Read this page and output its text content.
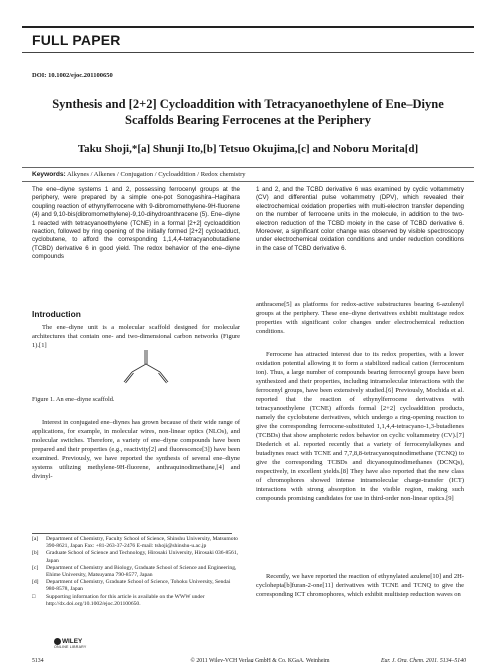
FULL PAPER
DOI: 10.1002/ejoc.201100650
Synthesis and [2+2] Cycloaddition with Tetracyanoethylene of Ene–Diyne
Scaffolds Bearing Ferrocenes at the Periphery
Taku Shoji,*[a] Shunji Ito,[b] Tetsuo Okujima,[c] and Noboru Morita[d]
Keywords: Alkynes / Alkenes / Conjugation / Cycloaddition / Redox chemistry
The ene–diyne systems 1 and 2, possessing ferrocenyl groups at the periphery, were prepared by a simple one-pot Sonogashira–Hagihara coupling reaction of ethynylferrocene with 9-dibromomethylene-9H-fluorene (4) and 9,10-bis(dibromomethylene)-9,10-dihydroanthracene (5). Ene–diyne 1 reacted with tetracyanoethylene (TCNE) in a formal [2+2] cycloaddition reaction, followed by ring opening of the initially formed [2+2] cycloadduct, cyclobutene, to afford the corresponding 1,1,4,4-tetracyanobutadiene (TCBD) derivative 6 in good yield. The redox behavior of the ene–diyne compounds
1 and 2, and the TCBD derivative 6 was examined by cyclic voltammetry (CV) and differential pulse voltammetry (DPV), which revealed their electrochemical oxidation properties with multi-electron transfer depending on the number of ferrocene units in the molecule, in addition to the two-electron reduction of the TCBD moiety in the case of TCBD derivative 6. Moreover, a significant color change was observed by visible spectroscopy under electrochemical oxidation conditions and under reduction conditions in the case of TCBD derivative 6.
Introduction
The ene–diyne unit is a molecular scaffold designed for molecular architectures that contain one- and two-dimensional carbon networks (Figure 1).[1]
Figure 1. An ene–diyne scaffold.
Interest in conjugated ene–diynes has grown because of their wide range of applications, for example, in molecular wires, non-linear optics (NLOs), and molecular switches. Therefore, a variety of ene–diyne compounds have been prepared and their properties (e.g., reactivity[2] and fluorescence[3]) have been examined. Previously, we have reported the synthesis of several ene–diyne systems utilizing methylene-9H-fluorene, anthraquinodimethane,[4] and divinyl-
anthracene[5] as platforms for redox-active substructures bearing 6-azulenyl groups at the periphery. These ene–diyne derivatives exhibit multistage redox properties with significant color changes under electrochemical reduction conditions.
Ferrocene has attracted interest due to its redox properties, with a lower oxidation potential allowing it to form a stabilized radical cation (ferrocenium ion). Thus, a large number of compounds bearing ferrocenyl groups have been synthesized and their properties, including intramolecular interactions with the ferrocenyl groups, have been extensively studied.[6] Previously, Mochida et al. reported that the reaction of ethynylferrocene derivatives with tetracyanoethylene (TCNE) affords formal [2+2] cycloaddition products, namely the cyclobutene derivatives, which undergo a ring-opening reaction to give the corresponding ferrocene-substituted 1,1,4,4-tetracyano-1,3-butadienes (TCBDs) that show amphoteric redox behavior on cyclic voltammetry (CV).[7] Diederich et al. reported recently that a variety of ferrocenylalkynes and butadiynes react with TCNE and 7,7,8,8-tetracyanoquinodimethane (TCNQ) to give the corresponding TCBDs and dicyanoquinodimethanes (DCNQs), respectively, in excellent yields.[8] They have also reported that the new class of chromophores showed intense intramolecular charge-transfer (ICT) interactions with strong absorption in the visible region, making such compounds promising candidates for use in third-order non-linear optics.[9]
Recently, we have reported the reaction of ethynylated azulene[10] and 2H-cyclohepta[b]furan-2-one[11] derivatives with TCNE and TCNQ to give the corresponding ICT chromophores, which exhibit multistep reduction waves on
[a]	Department of Chemistry, Faculty School of Science, Shinshu University, Matsumoto 390-8621, Japan Fax: +81-263-37-2476 E-mail: tshoji@shinshu-u.ac.jp
[b]	Graduate School of Science and Technology, Hirosaki University, Hirosaki 036-8561, Japan
[c]	Department of Chemistry and Biology, Graduate School of Science and Engineering, Ehime University, Matsuyama 790-8577, Japan
[d]	Department of Chemistry, Graduate School of Science, Tohoku University, Sendai 980-8578, Japan
□	Supporting information for this article is available on the WWW under http://dx.doi.org/10.1002/ejoc.201100650.
5134
WILEY
ONLINE LIBRARY
© 2011 Wiley-VCH Verlag GmbH & Co. KGaA, Weinheim	Eur. J. Org. Chem. 2011, 5134–5140
